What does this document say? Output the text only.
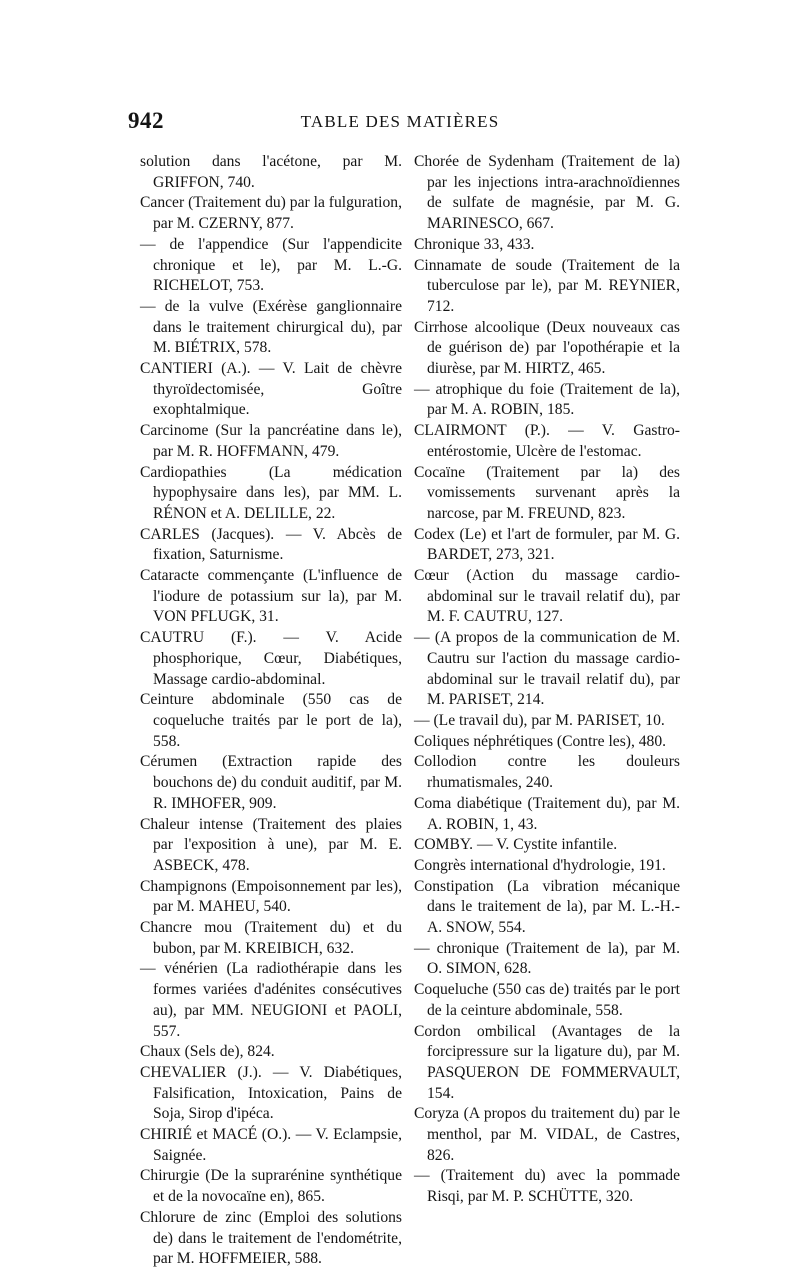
942	TABLE DES MATIÈRES

solution dans l'acétone, par M. GRIFFON, 740.

Cancer (Traitement du) par la fulguration, par M. CZERNY, 877.

— de l'appendice (Sur l'appendicite chronique et le), par M. L.-G. RICHELOT, 753.

— de la vulve (Exérèse ganglionnaire dans le traitement chirurgical du), par M. BIÉTRIX, 578.

CANTIERI (A.). — V. Lait de chèvre thyroïdectomisée, Goître exophtalmique.

Carcinome (Sur la pancréatine dans le), par M. R. HOFFMANN, 479.

Cardiopathies (La médication hypophysaire dans les), par MM. L. RÉNON et A. DELILLE, 22.

CARLES (Jacques). — V. Abcès de fixation, Saturnisme.

Cataracte commençante (L'influence de l'iodure de potassium sur la), par M. VON PFLUGK, 31.

CAUTRU (F.). — V. Acide phosphorique, Cœur, Diabétiques, Massage cardio-abdominal.

Ceinture abdominale (550 cas de coqueluche traités par le port de la), 558.

Cérumen (Extraction rapide des bouchons de) du conduit auditif, par M. R. IMHOFER, 909.

Chaleur intense (Traitement des plaies par l'exposition à une), par M. E. ASBECK, 478.

Champignons (Empoisonnement par les), par M. MAHEU, 540.

Chancre mou (Traitement du) et du bubon, par M. KREIBICH, 632.

— vénérien (La radiothérapie dans les formes variées d'adénites consécutives au), par MM. NEUGIONI et PAOLI, 557.

Chaux (Sels de), 824.

CHEVALIER (J.). — V. Diabétiques, Falsification, Intoxication, Pains de Soja, Sirop d'ipéca.

CHIRIÉ et MACÉ (O.). — V. Eclampsie, Saignée.

Chirurgie (De la suprarénine synthétique et de la novocaïne en), 865.

Chlorure de zinc (Emploi des solutions de) dans le traitement de l'endométrite, par M. HOFFMEIER, 588.

Chorée de Sydenham (Traitement de la) par les injections intra-arachnoïdiennes de sulfate de magnésie, par M. G. MARINESCO, 667.

Chronique 33, 433.

Cinnamate de soude (Traitement de la tuberculose par le), par M. REYNIER, 712.

Cirrhose alcoolique (Deux nouveaux cas de guérison de) par l'opothérapie et la diurèse, par M. HIRTZ, 465.

— atrophique du foie (Traitement de la), par M. A. ROBIN, 185.

CLAIRMONT (P.). — V. Gastro-entérostomie, Ulcère de l'estomac.

Cocaïne (Traitement par la) des vomissements survenant après la narcose, par M. FREUND, 823.

Codex (Le) et l'art de formuler, par M. G. BARDET, 273, 321.

Cœur (Action du massage cardio-abdominal sur le travail relatif du), par M. F. CAUTRU, 127.

— (A propos de la communication de M. Cautru sur l'action du massage cardio-abdominal sur le travail relatif du), par M. PARISET, 214.

— (Le travail du), par M. PARISET, 10.

Coliques néphrétiques (Contre les), 480.

Collodion contre les douleurs rhumatismales, 240.

Coma diabétique (Traitement du), par M. A. ROBIN, 1, 43.

COMBY. — V. Cystite infantile.

Congrès international d'hydrologie, 191.

Constipation (La vibration mécanique dans le traitement de la), par M. L.-H.-A. SNOW, 554.

— chronique (Traitement de la), par M. O. SIMON, 628.

Coqueluche (550 cas de) traités par le port de la ceinture abdominale, 558.

Cordon ombilical (Avantages de la forcipressure sur la ligature du), par M. PASQUERON DE FOMMERVAULT, 154.

Coryza (A propos du traitement du) par le menthol, par M. VIDAL, de Castres, 826.

— (Traitement du) avec la pommade Risqi, par M. P. SCHÜTTE, 320.
